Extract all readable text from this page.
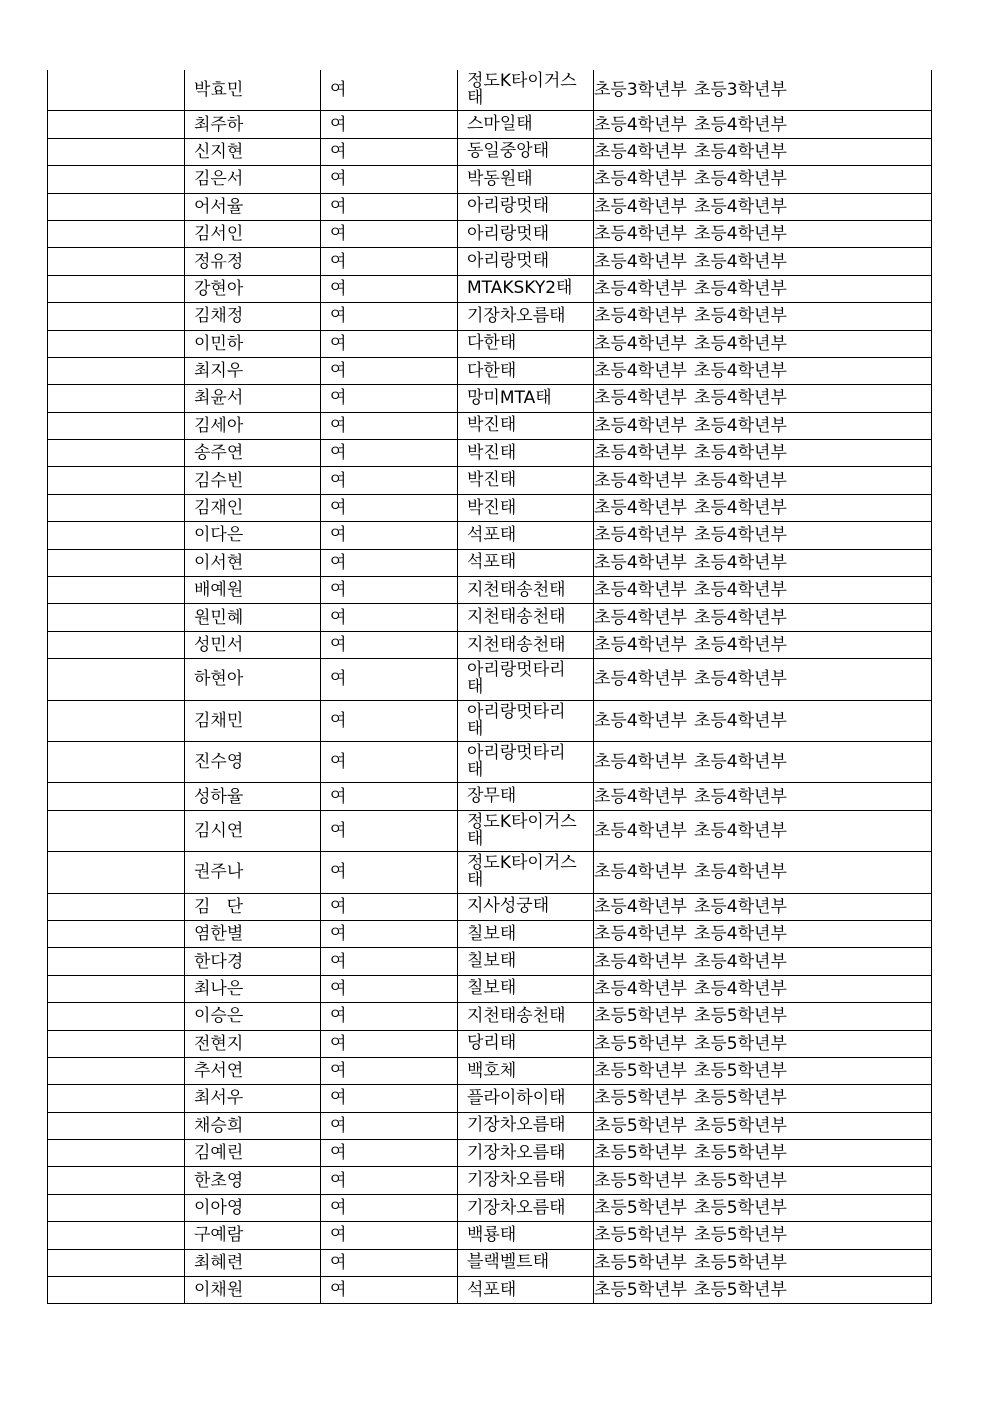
	박효민	여	정도K타이거스태	초등3학년부 초등3학년부
	최주하	여	스마일태	초등4학년부 초등4학년부
	신지현	여	동일중앙태	초등4학년부 초등4학년부
	김은서	여	박동원태	초등4학년부 초등4학년부
	어서율	여	아리랑멋태	초등4학년부 초등4학년부
	김서인	여	아리랑멋태	초등4학년부 초등4학년부
	정유정	여	아리랑멋태	초등4학년부 초등4학년부
	강현아	여	MTAKSKY2태	초등4학년부 초등4학년부
	김채정	여	기장차오름태	초등4학년부 초등4학년부
	이민하	여	다한태	초등4학년부 초등4학년부
	최지우	여	다한태	초등4학년부 초등4학년부
	최윤서	여	망미MTA태	초등4학년부 초등4학년부
	김세아	여	박진태	초등4학년부 초등4학년부
	송주연	여	박진태	초등4학년부 초등4학년부
	김수빈	여	박진태	초등4학년부 초등4학년부
	김재인	여	박진태	초등4학년부 초등4학년부
	이다은	여	석포태	초등4학년부 초등4학년부
	이서현	여	석포태	초등4학년부 초등4학년부
	배예원	여	지천태송천태	초등4학년부 초등4학년부
	원민혜	여	지천태송천태	초등4학년부 초등4학년부
	성민서	여	지천태송천태	초등4학년부 초등4학년부
	하현아	여	아리랑멋타리태	초등4학년부 초등4학년부
	김채민	여	아리랑멋타리태	초등4학년부 초등4학년부
	진수영	여	아리랑멋타리태	초등4학년부 초등4학년부
	성하율	여	장무태	초등4학년부 초등4학년부
	김시연	여	정도K타이거스태	초등4학년부 초등4학년부
	권주나	여	정도K타이거스태	초등4학년부 초등4학년부
	김   단	여	지사성궁태	초등4학년부 초등4학년부
	염한별	여	칠보태	초등4학년부 초등4학년부
	한다경	여	칠보태	초등4학년부 초등4학년부
	최나은	여	칠보태	초등4학년부 초등4학년부
	이승은	여	지천태송천태	초등5학년부 초등5학년부
	전현지	여	당리태	초등5학년부 초등5학년부
	추서연	여	백호체	초등5학년부 초등5학년부
	최서우	여	플라이하이태	초등5학년부 초등5학년부
	채승희	여	기장차오름태	초등5학년부 초등5학년부
	김예린	여	기장차오름태	초등5학년부 초등5학년부
	한초영	여	기장차오름태	초등5학년부 초등5학년부
	이아영	여	기장차오름태	초등5학년부 초등5학년부
	구예람	여	백룡태	초등5학년부 초등5학년부
	최혜련	여	블랙벨트태	초등5학년부 초등5학년부
	이채원	여	석포태	초등5학년부 초등5학년부
